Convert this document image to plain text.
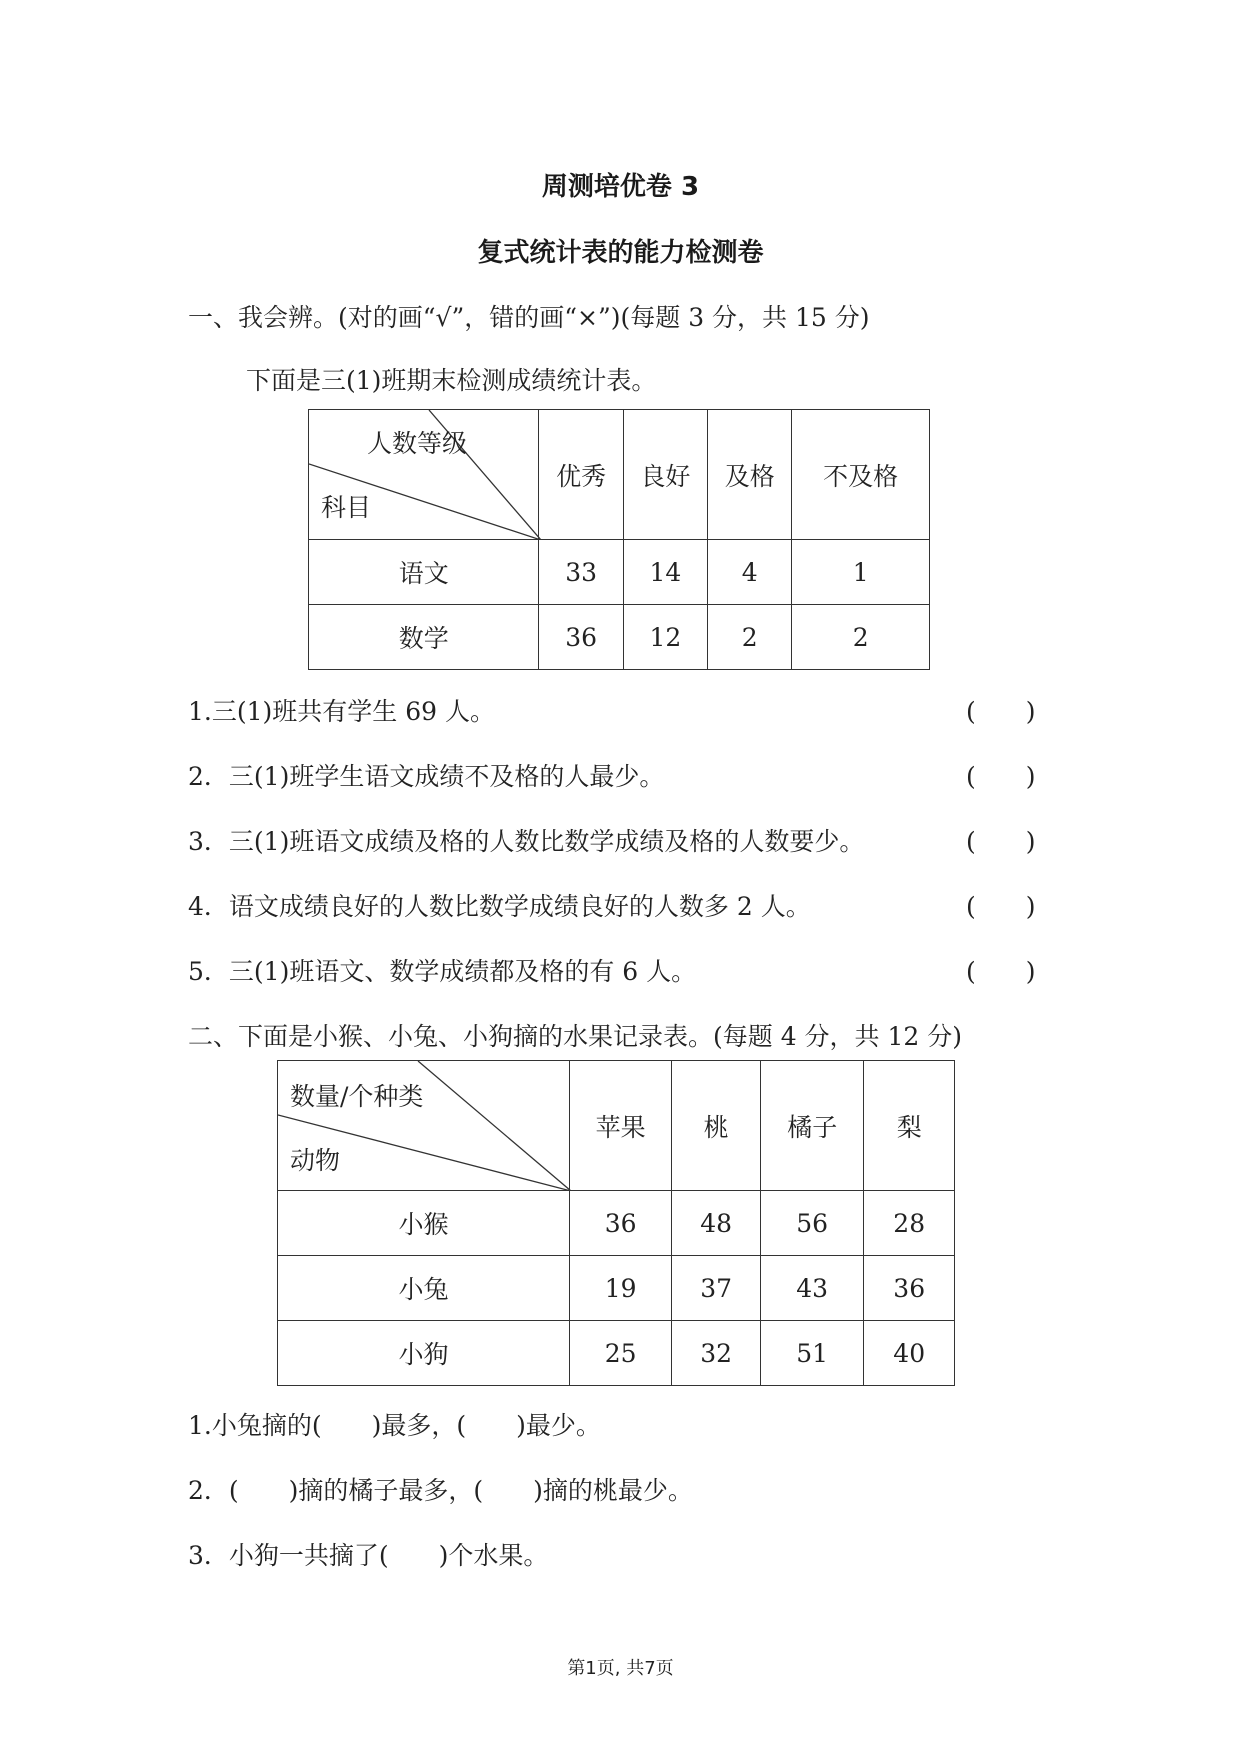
周测培优卷 3
复式统计表的能力检测卷
一、我会辨。(对的画“√”，错的画“×”)(每题 3 分，共 15 分)
下面是三(1)班期末检测成绩统计表。
人数等级
科目	优秀	良好	及格	不及格
语文	33	14	4	1
数学	36	12	2	2
1.三(1)班共有学生 69 人。	(　　)
2．三(1)班学生语文成绩不及格的人最少。	(　　)
3．三(1)班语文成绩及格的人数比数学成绩及格的人数要少。	(　　)
4．语文成绩良好的人数比数学成绩良好的人数多 2 人。	(　　)
5．三(1)班语文、数学成绩都及格的有 6 人。	(　　)
二、下面是小猴、小兔、小狗摘的水果记录表。(每题 4 分，共 12 分)
数量/个种类
动物	苹果	桃	橘子	梨
小猴	36	48	56	28
小兔	19	37	43	36
小狗	25	32	51	40
1.小兔摘的(　　)最多，(　　)最少。
2．(　　)摘的橘子最多，(　　)摘的桃最少。
3．小狗一共摘了(　　)个水果。
第1页, 共7页
